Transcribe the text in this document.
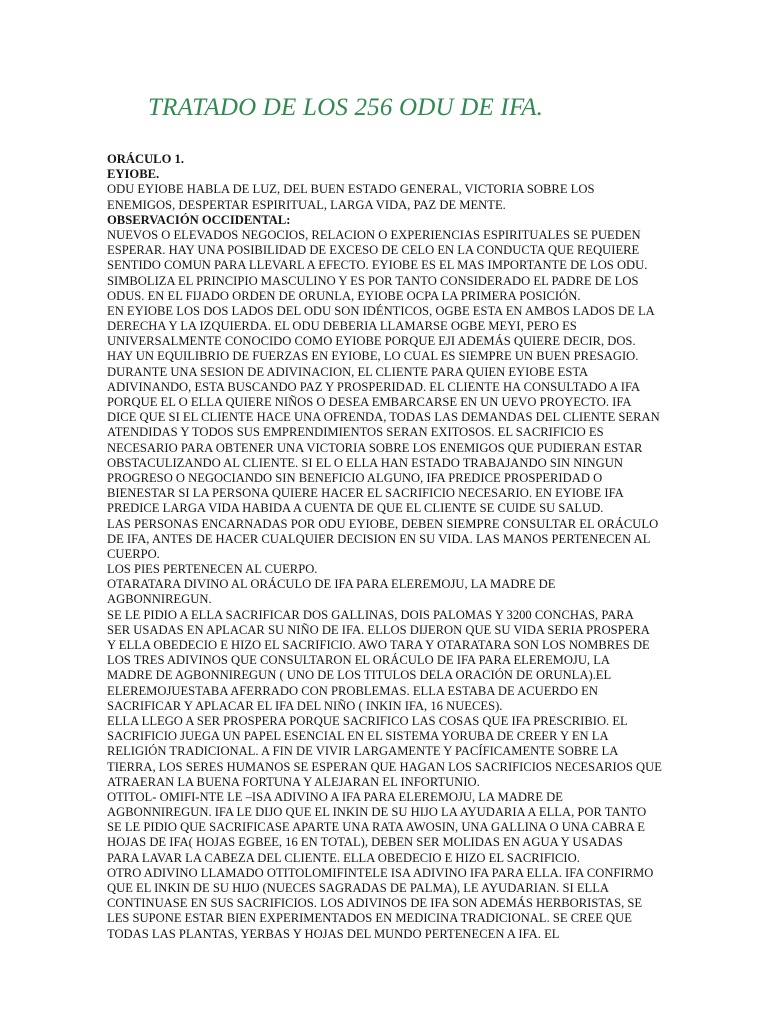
TRATADO DE LOS 256 ODU DE IFA.
ORÁCULO 1.
EYIOBE.
ODU EYIOBE HABLA DE LUZ, DEL BUEN ESTADO GENERAL, VICTORIA SOBRE LOS
ENEMIGOS, DESPERTAR ESPIRITUAL, LARGA VIDA, PAZ DE MENTE.
OBSERVACIÓN OCCIDENTAL:
NUEVOS O ELEVADOS NEGOCIOS, RELACION O EXPERIENCIAS ESPIRITUALES SE PUEDEN
ESPERAR. HAY UNA POSIBILIDAD DE EXCESO DE CELO EN LA CONDUCTA QUE REQUIERE
SENTIDO COMUN PARA LLEVARL A EFECTO. EYIOBE ES EL MAS IMPORTANTE DE LOS ODU.
SIMBOLIZA EL PRINCIPIO MASCULINO Y ES POR TANTO CONSIDERADO EL PADRE DE LOS
ODUS. EN EL FIJADO ORDEN DE ORUNLA, EYIOBE OCPA LA PRIMERA POSICIÓN.
EN EYIOBE LOS DOS LADOS DEL ODU SON IDÉNTICOS, OGBE ESTA EN AMBOS LADOS DE LA
DERECHA Y LA IZQUIERDA. EL ODU DEBERIA LLAMARSE OGBE MEYI, PERO ES
UNIVERSALMENTE CONOCIDO COMO EYIOBE PORQUE EJI ADEMÁS QUIERE DECIR, DOS.
HAY UN EQUILIBRIO DE FUERZAS EN EYIOBE, LO CUAL ES SIEMPRE UN BUEN PRESAGIO.
DURANTE UNA SESION DE ADIVINACION, EL CLIENTE PARA QUIEN EYIOBE ESTA
ADIVINANDO, ESTA BUSCANDO PAZ Y PROSPERIDAD. EL CLIENTE HA CONSULTADO A IFA
PORQUE EL O ELLA QUIERE NIÑOS O DESEA EMBARCARSE EN UN UEVO PROYECTO. IFA
DICE QUE SI EL CLIENTE HACE UNA OFRENDA, TODAS LAS DEMANDAS DEL CLIENTE SERAN
ATENDIDAS Y TODOS SUS EMPRENDIMIENTOS SERAN EXITOSOS. EL SACRIFICIO ES
NECESARIO PARA OBTENER UNA VICTORIA SOBRE LOS ENEMIGOS QUE PUDIERAN ESTAR
OBSTACULIZANDO AL CLIENTE. SI EL O ELLA HAN ESTADO TRABAJANDO SIN NINGUN
PROGRESO O NEGOCIANDO SIN BENEFICIO ALGUNO, IFA PREDICE PROSPERIDAD O
BIENESTAR SI LA PERSONA QUIERE HACER EL SACRIFICIO NECESARIO. EN EYIOBE IFA
PREDICE LARGA VIDA HABIDA A CUENTA DE QUE EL CLIENTE SE CUIDE SU SALUD.
LAS PERSONAS ENCARNADAS POR ODU EYIOBE, DEBEN SIEMPRE CONSULTAR EL ORÁCULO
DE IFA, ANTES DE HACER CUALQUIER DECISION EN SU VIDA. LAS MANOS PERTENECEN AL
CUERPO.
LOS PIES PERTENECEN AL CUERPO.
OTARATARA DIVINO AL ORÁCULO DE IFA PARA ELEREMOJU, LA MADRE DE
AGBONNIREGUN.
SE LE PIDIO A ELLA SACRIFICAR DOS GALLINAS, DOIS PALOMAS Y 3200 CONCHAS, PARA
SER USADAS EN APLACAR SU NIÑO DE IFA. ELLOS DIJERON QUE SU VIDA SERIA PROSPERA
Y ELLA OBEDECIO E HIZO EL SACRIFICIO. AWO TARA Y OTARATARA SON LOS NOMBRES DE
LOS TRES ADIVINOS QUE CONSULTARON EL ORÁCULO DE IFA PARA ELEREMOJU, LA
MADRE DE AGBONNIREGUN ( UNO DE LOS TITULOS DELA ORACIÓN DE ORUNLA).EL
ELEREMOJUESTABA AFERRADO CON PROBLEMAS. ELLA ESTABA DE ACUERDO EN
SACRIFICAR Y APLACAR EL IFA DEL NIÑO ( INKIN IFA, 16 NUECES).
ELLA LLEGO A SER PROSPERA PORQUE SACRIFICO LAS COSAS QUE IFA PRESCRIBIO. EL
SACRIFICIO JUEGA UN PAPEL ESENCIAL EN EL SISTEMA YORUBA DE CREER Y EN LA
RELIGIÓN TRADICIONAL. A FIN DE VIVIR LARGAMENTE Y PACÍFICAMENTE SOBRE LA
TIERRA, LOS SERES HUMANOS SE ESPERAN QUE HAGAN LOS SACRIFICIOS NECESARIOS QUE
ATRAERAN LA BUENA FORTUNA Y ALEJARAN EL INFORTUNIO.
OTITOL- OMIFI-NTE LE –ISA ADIVINO A IFA PARA ELEREMOJU, LA MADRE DE
AGBONNIREGUN. IFA LE DIJO QUE EL INKIN DE SU HIJO LA AYUDARIA A ELLA, POR TANTO
SE LE PIDIO QUE SACRIFICASE APARTE UNA RATA AWOSIN, UNA GALLINA O UNA CABRA E
HOJAS DE IFA( HOJAS EGBEE, 16 EN TOTAL), DEBEN SER MOLIDAS EN AGUA Y USADAS
PARA LAVAR LA CABEZA DEL CLIENTE. ELLA OBEDECIO E HIZO EL SACRIFICIO.
OTRO ADIVINO LLAMADO OTITOLOMIFINTELE ISA ADIVINO IFA PARA ELLA. IFA CONFIRMO
QUE EL INKIN DE SU HIJO (NUECES SAGRADAS DE PALMA), LE AYUDARIAN. SI ELLA
CONTINUASE EN SUS SACRIFICIOS. LOS ADIVINOS DE IFA SON ADEMÁS HERBORISTAS, SE
LES SUPONE ESTAR BIEN EXPERIMENTADOS EN MEDICINA TRADICIONAL. SE CREE QUE
TODAS LAS PLANTAS, YERBAS Y HOJAS DEL MUNDO PERTENECEN A IFA. EL
